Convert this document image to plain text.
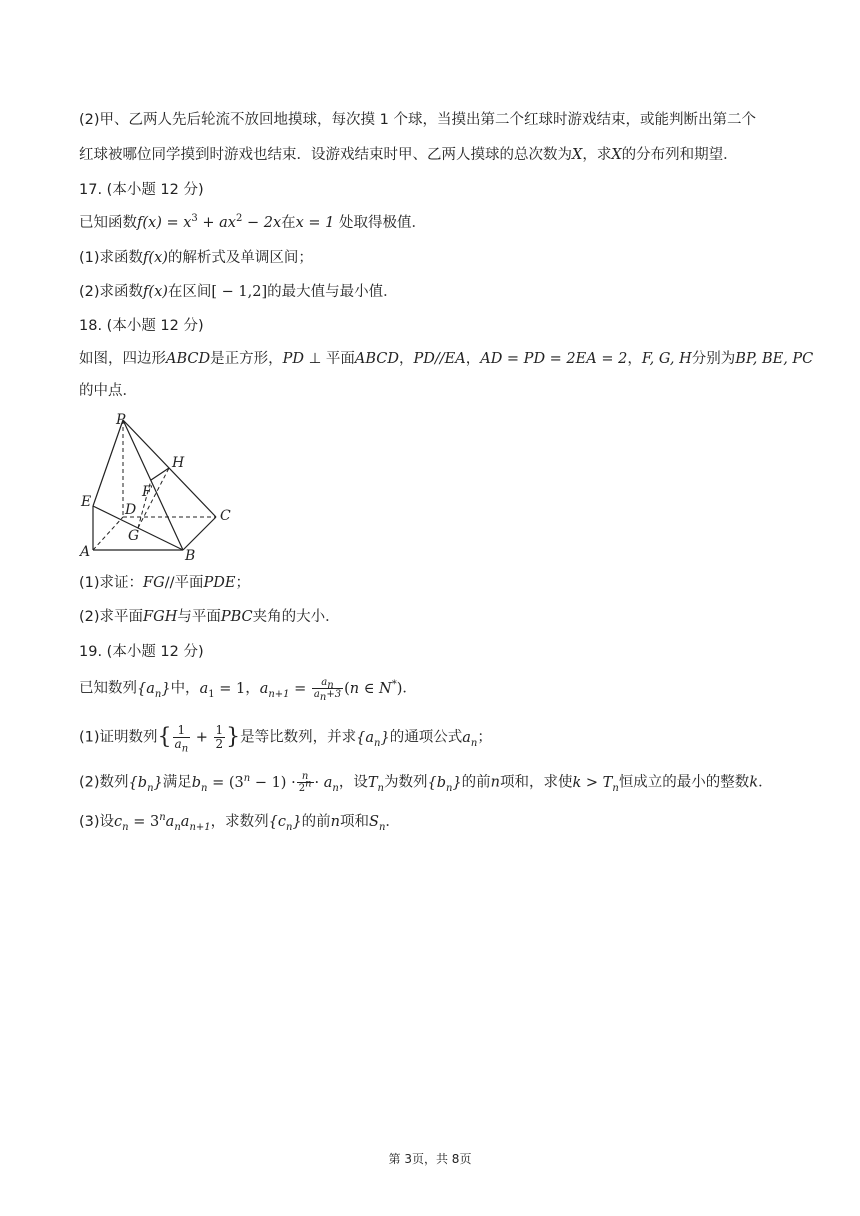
(2)甲、乙两人先后轮流不放回地摸球，每次摸 1 个球，当摸出第二个红球时游戏结束，或能判断出第二个
红球被哪位同学摸到时游戏也结束．设游戏结束时甲、乙两人摸球的总次数为X，求X的分布列和期望．
17. (本小题 12 分)
已知函数$f(x) = x^3 + ax^2 - 2x$在x = 1 处取得极值．
(1)求函数f(x)的解析式及单调区间；
(2)求函数f(x)在区间[ − 1,2]的最大值与最小值．
18. (本小题 12 分)
如图，四边形ABCD是正方形，PD ⊥ 平面ABCD，PD//EA，AD = PD = 2EA = 2，F, G, H分别为BP, BE, PC
的中点．
P
H
F
E D	C
G
A	B
(1)求证：FG//平面PDE；
(2)求平面FGH与平面PBC夹角的大小．
19. (本小题 12 分)
已知数列$\{a_n\}$中，$a_1 = 1$，$a_{n+1} = \frac{a_n}{a_n+3} (n$ ∈ N*)．
(1)证明数列{ $\frac{1}{a_n} + \frac{1}{2}$ }是等比数列，并求$\{a_n\}$的通项公式$a_n$；
(2)数列$\{b_n\}$满足$b_n = (3^n - 1) \cdot \frac{n}{2^n} \cdot a_n$，设$T_n$为数列$\{b_n\}$的前n项和，求使$k > T_n$恒成立的最小的整数k．
(3)设$c_n = 3^na_na_{n+1}$，求数列$\{c_n\}$的前n项和$S_n$．
第 3页，共 8页
